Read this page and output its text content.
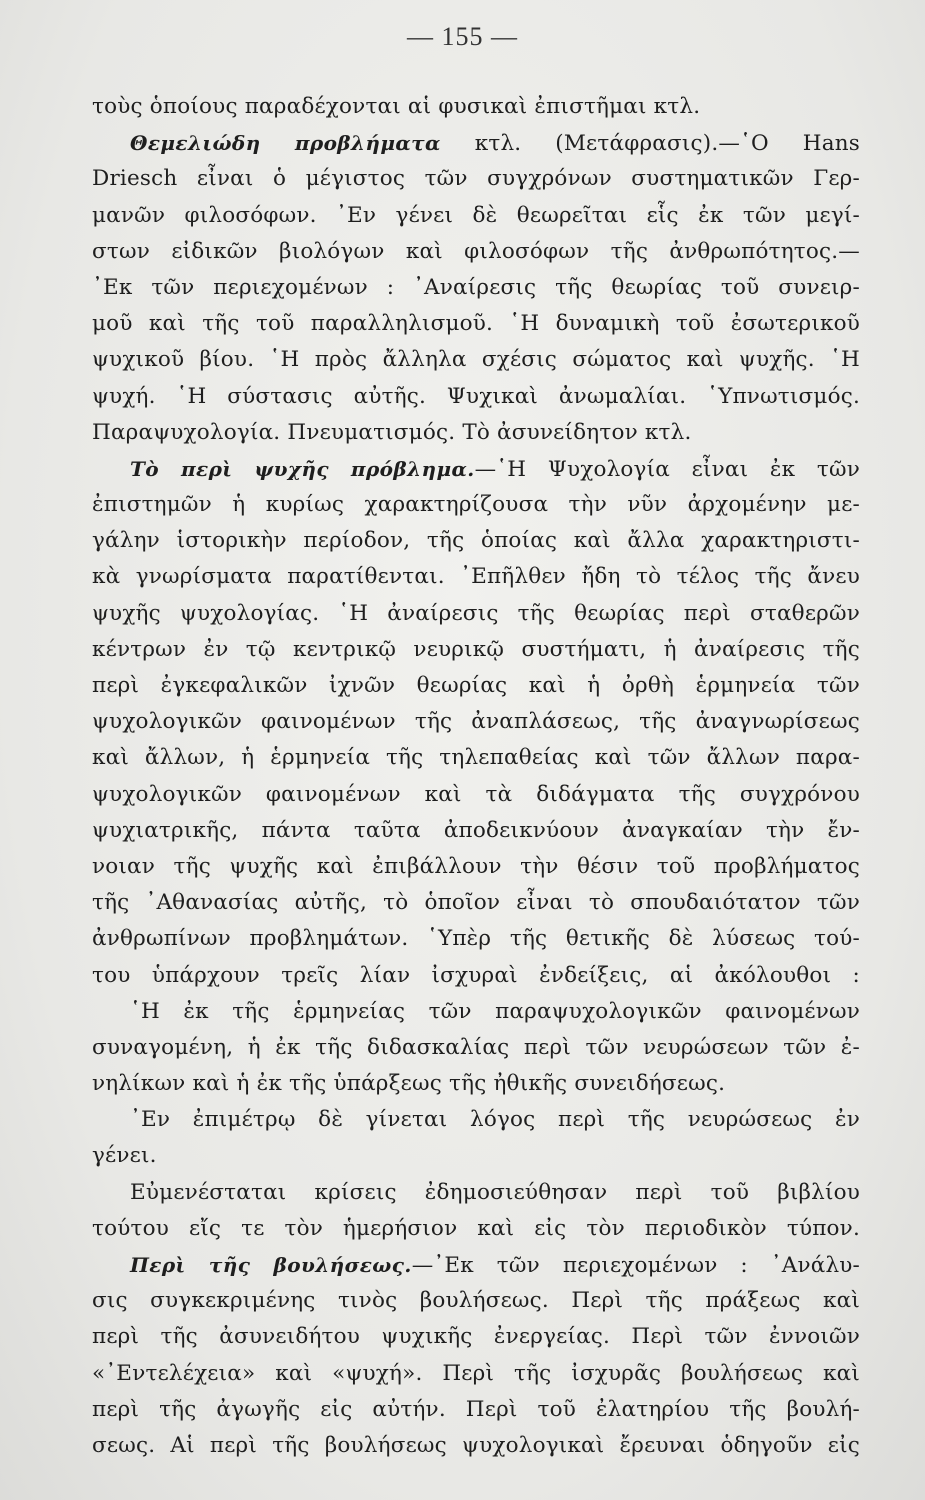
— 155 —
τοὺς ὁποίους παραδέχονται αἱ φυσικαὶ ἐπιστῆμαι κτλ.
Θεμελιώδη προβλήματα κτλ. (Μετάφρασις).—῾Ο Hans
Driesch εἶναι ὁ μέγιστος τῶν συγχρόνων συστηματικῶν Γερ-
μανῶν φιλοσόφων. ᾿Εν γένει δὲ θεωρεῖται εἷς ἐκ τῶν μεγί-
στων εἰδικῶν βιολόγων καὶ φιλοσόφων τῆς ἀνθρωπότητος.—
᾿Εκ τῶν περιεχομένων : ᾿Αναίρεσις τῆς θεωρίας τοῦ συνειρ-
μοῦ καὶ τῆς τοῦ παραλληλισμοῦ. ῾Η δυναμικὴ τοῦ ἐσωτερικοῦ
ψυχικοῦ βίου. ῾Η πρὸς ἄλληλα σχέσις σώματος καὶ ψυχῆς. ῾Η
ψυχή. ῾Η σύστασις αὐτῆς. Ψυχικαὶ ἀνωμαλίαι. ῾Υπνωτισμός.
Παραψυχολογία. Πνευματισμός. Τὸ ἀσυνείδητον κτλ.
Τὸ περὶ ψυχῆς πρόβλημα.—῾Η Ψυχολογία εἶναι ἐκ τῶν
ἐπιστημῶν ἡ κυρίως χαρακτηρίζουσα τὴν νῦν ἀρχομένην με-
γάλην ἱστορικὴν περίοδον, τῆς ὁποίας καὶ ἄλλα χαρακτηριστι-
κὰ γνωρίσματα παρατίθενται. ᾿Επῆλθεν ἤδη τὸ τέλος τῆς ἄνευ
ψυχῆς ψυχολογίας. ῾Η ἀναίρεσις τῆς θεωρίας περὶ σταθερῶν
κέντρων ἐν τῷ κεντρικῷ νευρικῷ συστήματι, ἡ ἀναίρεσις τῆς
περὶ ἐγκεφαλικῶν ἰχνῶν θεωρίας καὶ ἡ ὀρθὴ ἑρμηνεία τῶν
ψυχολογικῶν φαινομένων τῆς ἀναπλάσεως, τῆς ἀναγνωρίσεως
καὶ ἄλλων, ἡ ἑρμηνεία τῆς τηλεπαθείας καὶ τῶν ἄλλων παρα-
ψυχολογικῶν φαινομένων καὶ τὰ διδάγματα τῆς συγχρόνου
ψυχιατρικῆς, πάντα ταῦτα ἀποδεικνύουν ἀναγκαίαν τὴν ἔν-
νοιαν τῆς ψυχῆς καὶ ἐπιβάλλουν τὴν θέσιν τοῦ προβλήματος
τῆς ᾿Αθανασίας αὐτῆς, τὸ ὁποῖον εἶναι τὸ σπουδαιότατον τῶν
ἀνθρωπίνων προβλημάτων. ῾Υπὲρ τῆς θετικῆς δὲ λύσεως τού-
του ὑπάρχουν τρεῖς λίαν ἰσχυραὶ ἐνδείξεις, αἱ ἀκόλουθοι :
῾Η ἐκ τῆς ἑρμηνείας τῶν παραψυχολογικῶν φαινομένων
συναγομένη, ἡ ἐκ τῆς διδασκαλίας περὶ τῶν νευρώσεων τῶν ἐ-
νηλίκων καὶ ἡ ἐκ τῆς ὑπάρξεως τῆς ἠθικῆς συνειδήσεως.
᾿Εν ἐπιμέτρῳ δὲ γίνεται λόγος περὶ τῆς νευρώσεως ἐν
γένει.
Εὐμενέσταται κρίσεις ἐδημοσιεύθησαν περὶ τοῦ βιβλίου
τούτου εἴς τε τὸν ἡμερήσιον καὶ εἰς τὸν περιοδικὸν τύπον.
Περὶ τῆς βουλήσεως.—᾿Εκ τῶν περιεχομένων : ᾿Ανάλυ-
σις συγκεκριμένης τινὸς βουλήσεως. Περὶ τῆς πράξεως καὶ
περὶ τῆς ἀσυνειδήτου ψυχικῆς ἐνεργείας. Περὶ τῶν ἐννοιῶν
«᾿Εντελέχεια» καὶ «ψυχή». Περὶ τῆς ἰσχυρᾶς βουλήσεως καὶ
περὶ τῆς ἀγωγῆς εἰς αὐτήν. Περὶ τοῦ ἐλατηρίου τῆς βουλή-
σεως. Αἱ περὶ τῆς βουλήσεως ψυχολογικαὶ ἔρευναι ὁδηγοῦν εἰς
